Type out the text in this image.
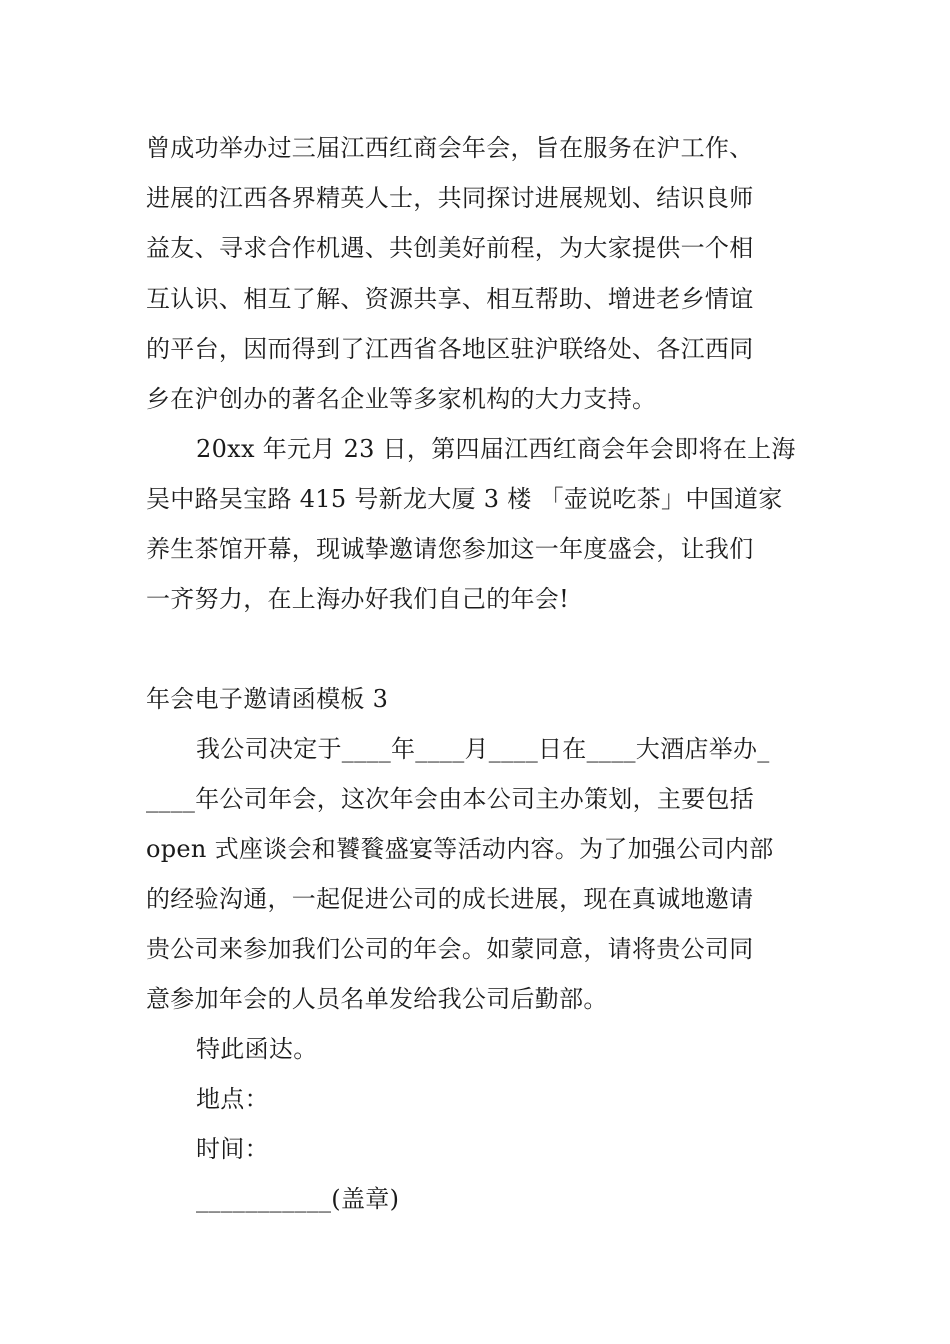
曾成功举办过三届江西红商会年会，旨在服务在沪工作、
进展的江西各界精英人士，共同探讨进展规划、结识良师
益友、寻求合作机遇、共创美好前程，为大家提供一个相
互认识、相互了解、资源共享、相互帮助、增进老乡情谊
的平台，因而得到了江西省各地区驻沪联络处、各江西同
乡在沪创办的著名企业等多家机构的大力支持。
20xx 年元月 23 日，第四届江西红商会年会即将在上海
吴中路吴宝路 415 号新龙大厦 3 楼 「壶说吃茶」中国道家
养生茶馆开幕，现诚挚邀请您参加这一年度盛会，让我们
一齐努力，在上海办好我们自己的年会!
年会电子邀请函模板 3
我公司决定于____年____月____日在____大酒店举办_
____年公司年会，这次年会由本公司主办策划，主要包括
open 式座谈会和饕餮盛宴等活动内容。为了加强公司内部
的经验沟通，一起促进公司的成长进展，现在真诚地邀请
贵公司来参加我们公司的年会。如蒙同意，请将贵公司同
意参加年会的人员名单发给我公司后勤部。
特此函达。
地点：
时间：
___________(盖章)
